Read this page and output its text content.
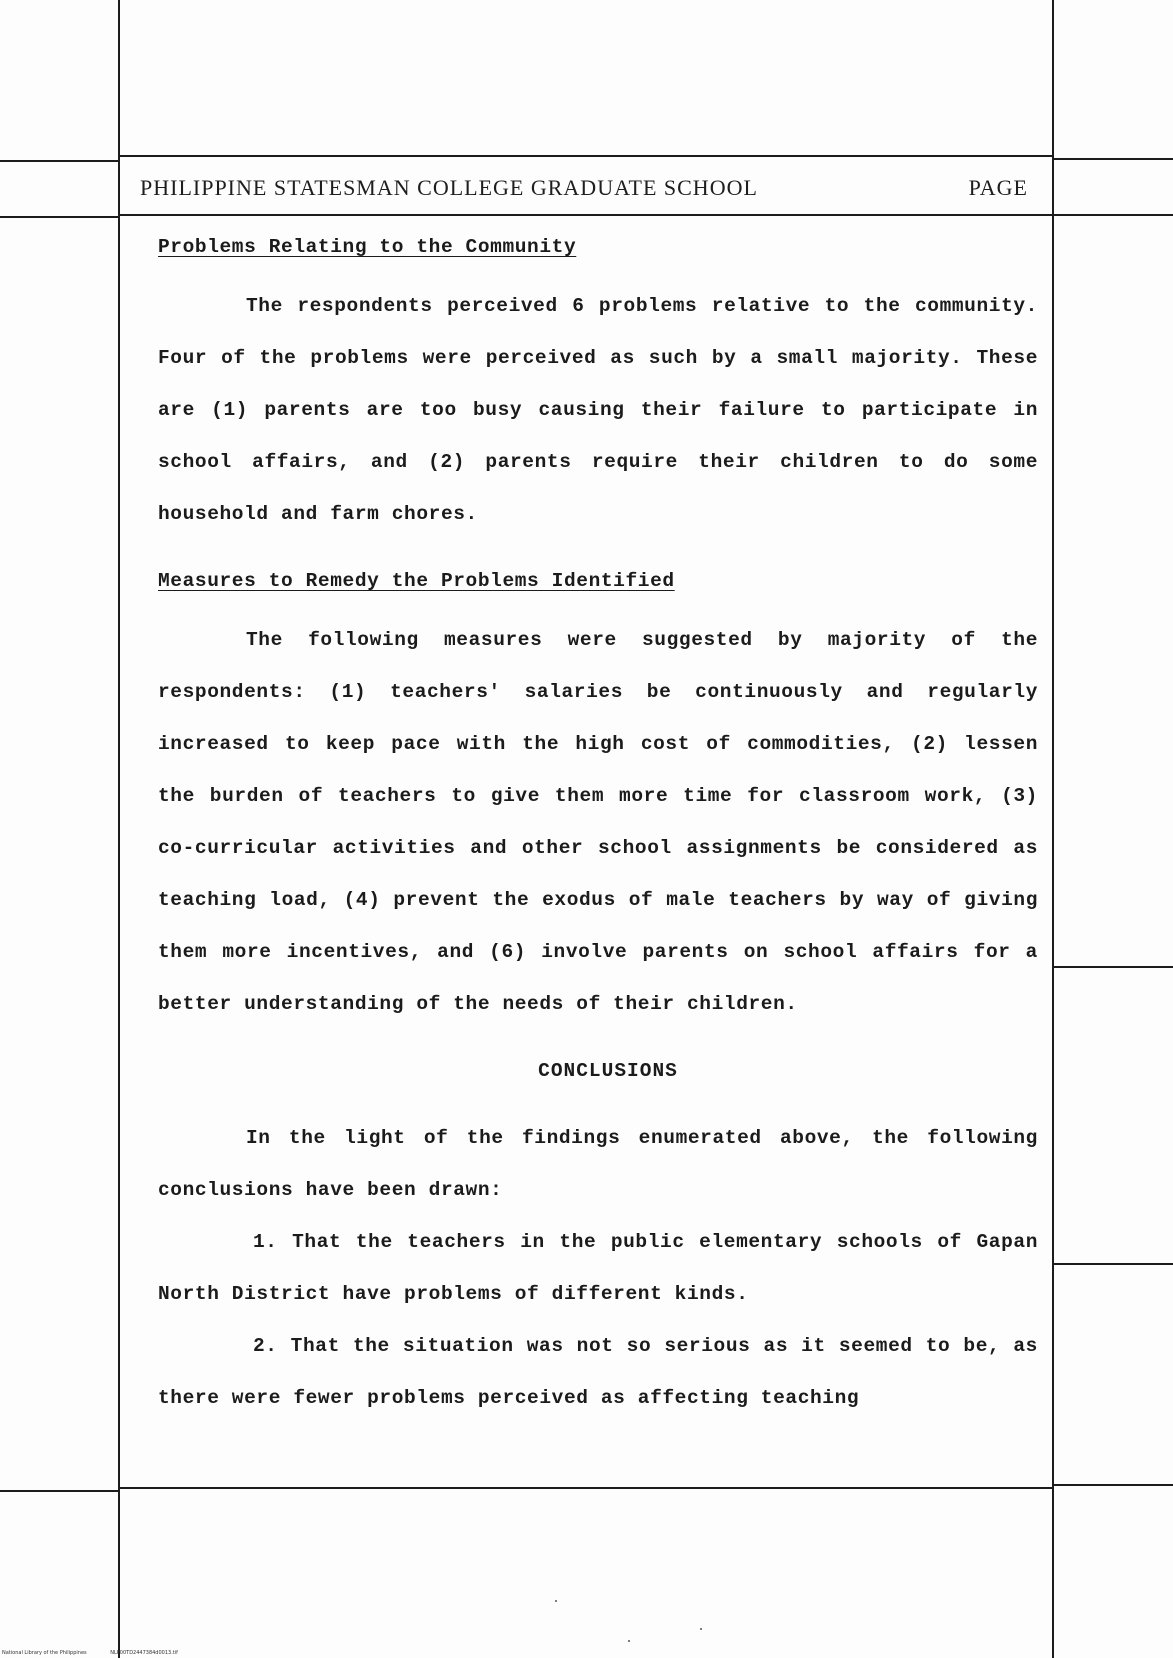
PHILIPPINE STATESMAN COLLEGE GRADUATE SCHOOL	PAGE

Problems Relating to the Community

The respondents perceived 6 problems relative to the community. Four of the problems were perceived as such by a small majority. These are (1) parents are too busy causing their failure to participate in school affairs, and (2) parents require their children to do some household and farm chores.

Measures to Remedy the Problems Identified

The following measures were suggested by majority of the respondents: (1) teachers' salaries be continuously and regularly increased to keep pace with the high cost of commodities, (2) lessen the burden of teachers to give them more time for classroom work, (3) co-curricular activities and other school assignments be considered as teaching load, (4) prevent the exodus of male teachers by way of giving them more incentives, and (6) involve parents on school affairs for a better understanding of the needs of their children.

CONCLUSIONS

In the light of the findings enumerated above, the following conclusions have been drawn:

1. That the teachers in the public elementary schools of Gapan North District have problems of different kinds.

2. That the situation was not so serious as it seemed to be, as there were fewer problems perceived as affecting teaching

National Library of the Philippines	NLP00TD2447384d0013.tif
